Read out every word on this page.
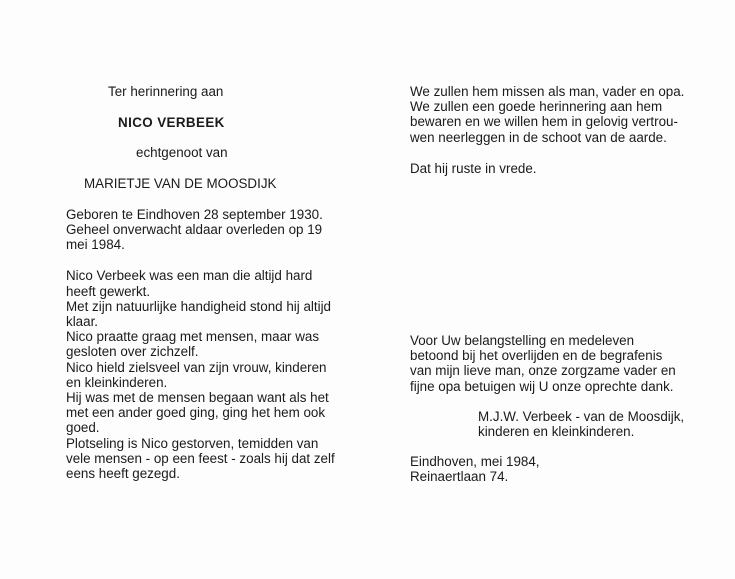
Ter herinnering aan
NICO VERBEEK
echtgenoot van
MARIETJE VAN DE MOOSDIJK
Geboren te Eindhoven 28 september 1930.
Geheel onverwacht aldaar overleden op 19
mei 1984.
Nico Verbeek was een man die altijd hard
heeft gewerkt.
Met zijn natuurlijke handigheid stond hij altijd
klaar.
Nico praatte graag met mensen, maar was
gesloten over zichzelf.
Nico hield zielsveel van zijn vrouw, kinderen
en kleinkinderen.
Hij was met de mensen begaan want als het
met een ander goed ging, ging het hem ook
goed.
Plotseling is Nico gestorven, temidden van
vele mensen - op een feest - zoals hij dat zelf
eens heeft gezegd.
We zullen hem missen als man, vader en opa.
We zullen een goede herinnering aan hem
bewaren en we willen hem in gelovig vertrou-
wen neerleggen in de schoot van de aarde.
Dat hij ruste in vrede.
Voor Uw belangstelling en medeleven
betoond bij het overlijden en de begrafenis
van mijn lieve man, onze zorgzame vader en
fijne opa betuigen wij U onze oprechte dank.
M.J.W. Verbeek - van de Moosdijk,
kinderen en kleinkinderen.
Eindhoven, mei 1984,
Reinaertlaan 74.
